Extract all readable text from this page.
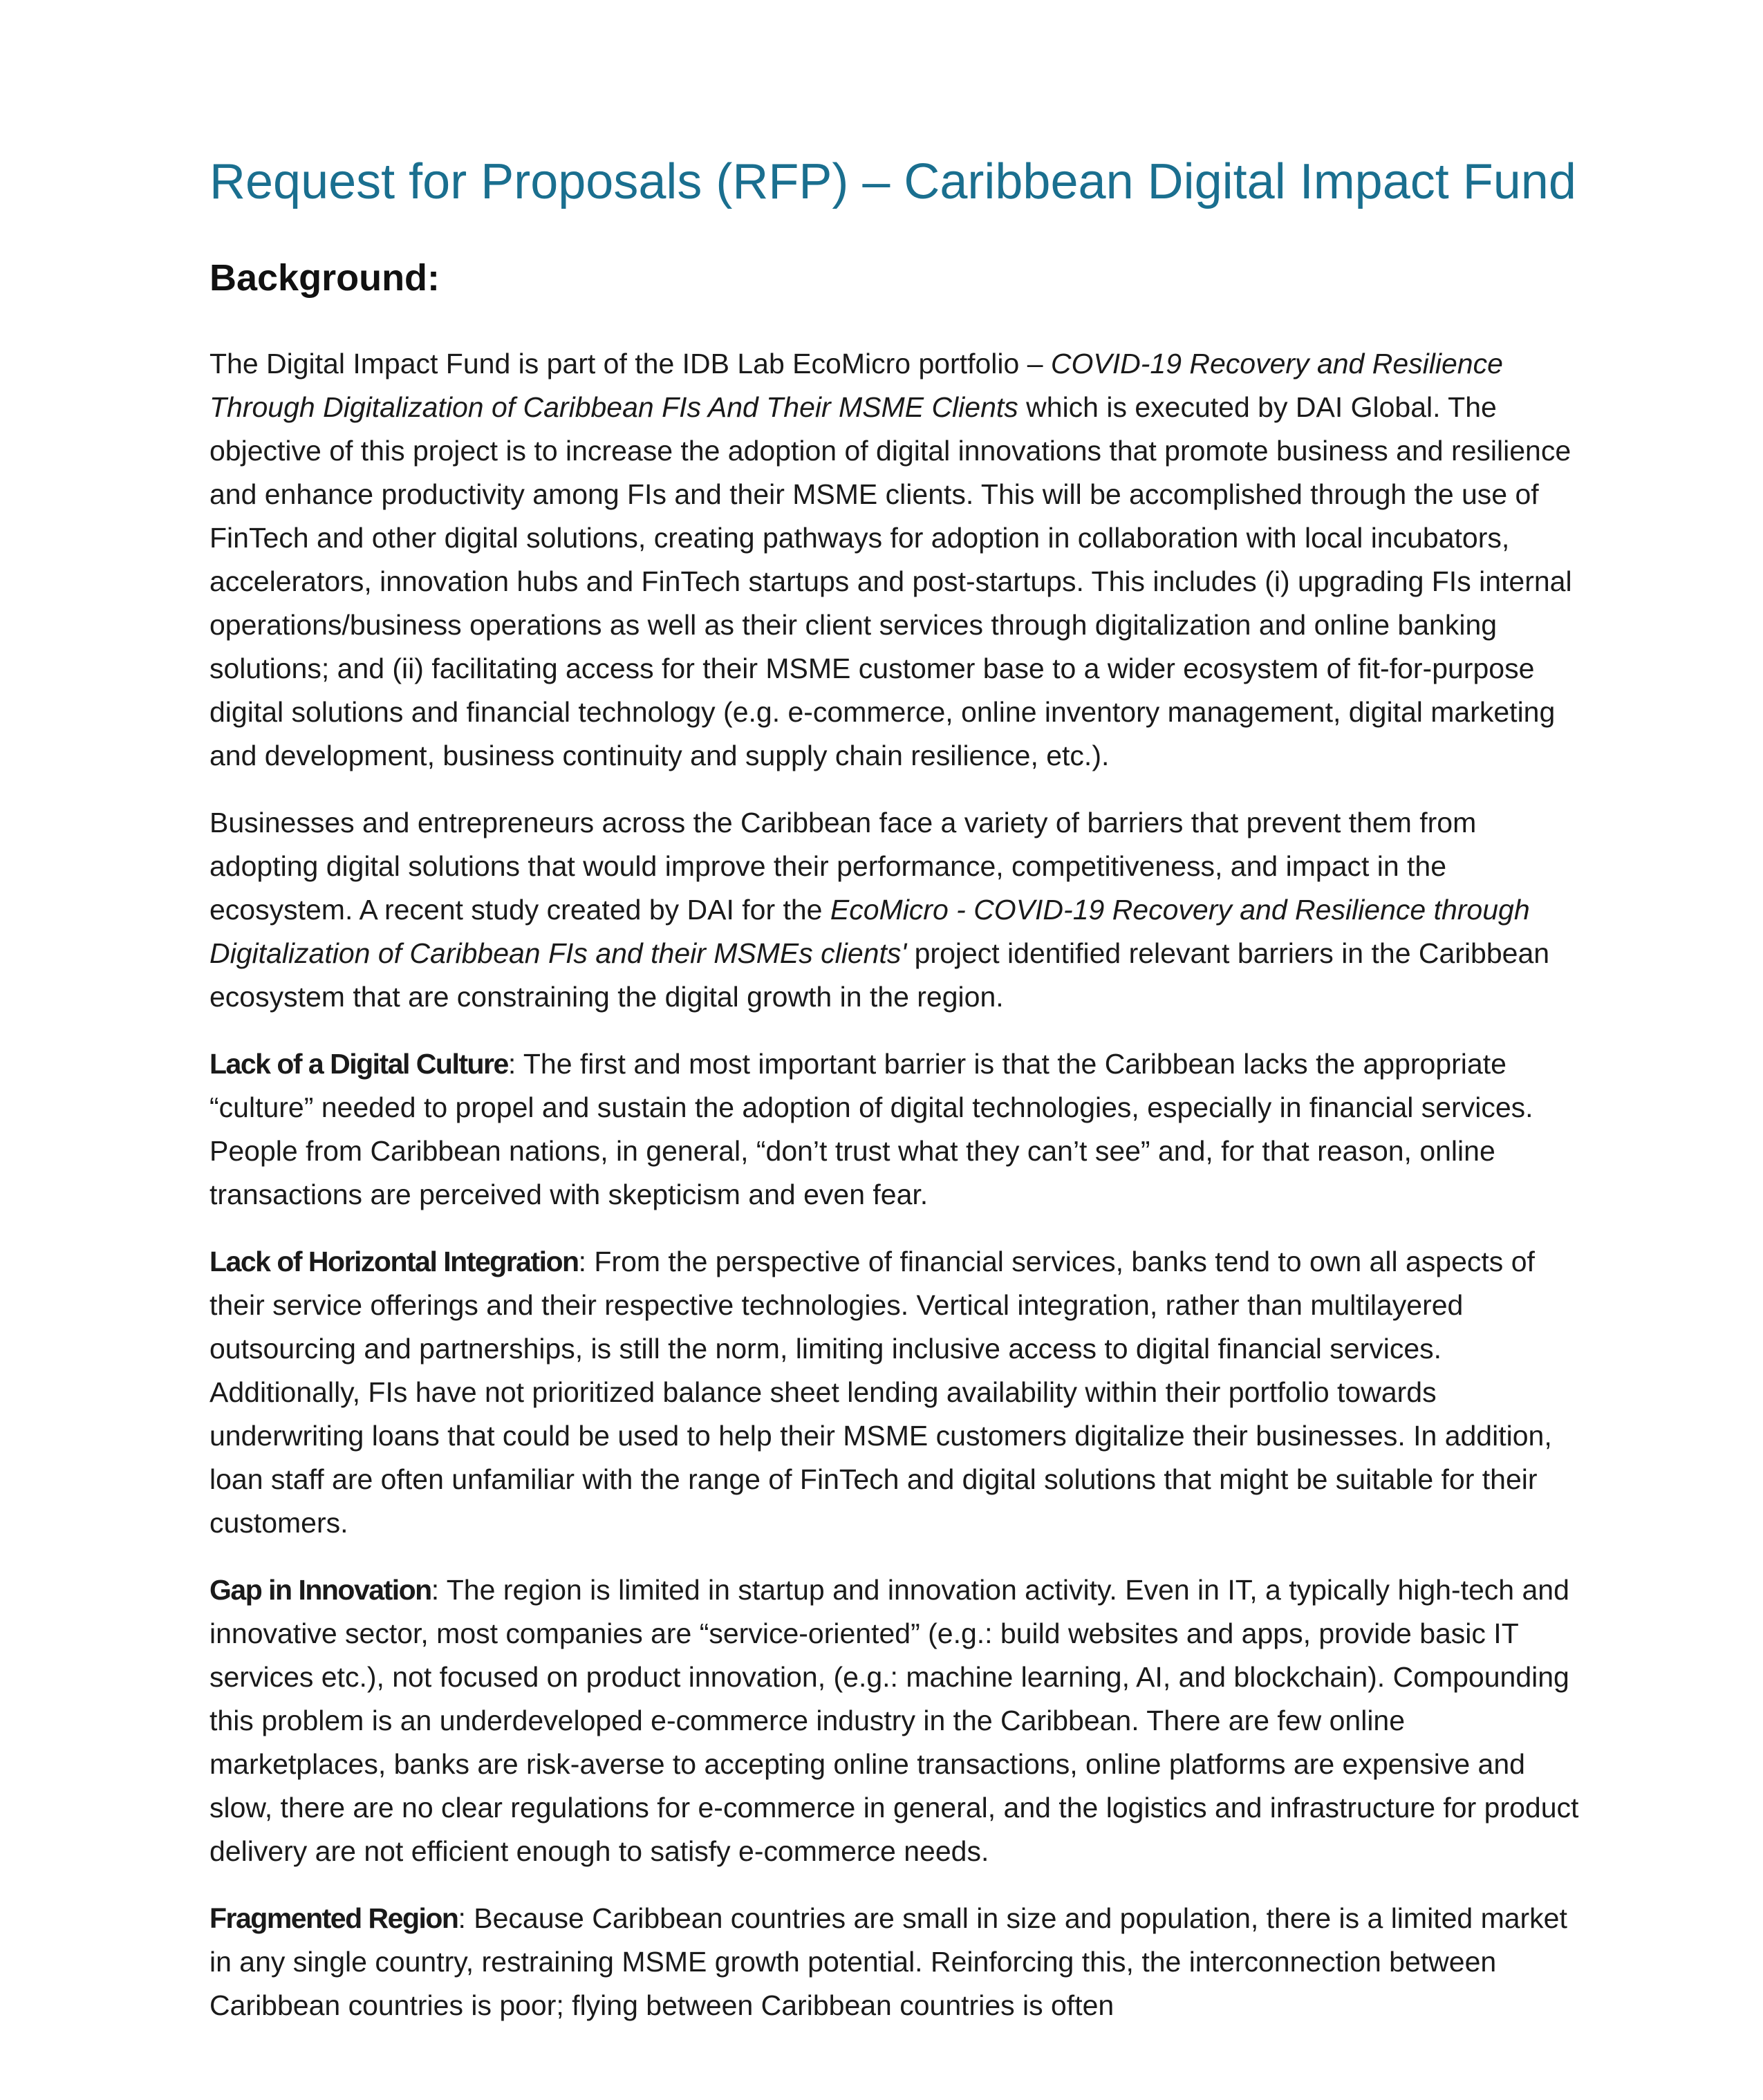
Request for Proposals (RFP) – Caribbean Digital Impact Fund
Background:

The Digital Impact Fund is part of the IDB Lab EcoMicro portfolio – COVID-19 Recovery and Resilience Through Digitalization of Caribbean FIs And Their MSME Clients which is executed by DAI Global. The objective of this project is to increase the adoption of digital innovations that promote business and resilience and enhance productivity among FIs and their MSME clients. This will be accomplished through the use of FinTech and other digital solutions, creating pathways for adoption in collaboration with local incubators, accelerators, innovation hubs and FinTech startups and post-startups. This includes (i) upgrading FIs internal operations/business operations as well as their client services through digitalization and online banking solutions; and (ii) facilitating access for their MSME customer base to a wider ecosystem of fit-for-purpose digital solutions and financial technology (e.g. e-commerce, online inventory management, digital marketing and development, business continuity and supply chain resilience, etc.).

Businesses and entrepreneurs across the Caribbean face a variety of barriers that prevent them from adopting digital solutions that would improve their performance, competitiveness, and impact in the ecosystem. A recent study created by DAI for the EcoMicro - COVID-19 Recovery and Resilience through Digitalization of Caribbean FIs and their MSMEs clients' project identified relevant barriers in the Caribbean ecosystem that are constraining the digital growth in the region.

Lack of a Digital Culture: The first and most important barrier is that the Caribbean lacks the appropriate “culture” needed to propel and sustain the adoption of digital technologies, especially in financial services. People from Caribbean nations, in general, “don’t trust what they can’t see” and, for that reason, online transactions are perceived with skepticism and even fear.

Lack of Horizontal Integration: From the perspective of financial services, banks tend to own all aspects of their service offerings and their respective technologies. Vertical integration, rather than multilayered outsourcing and partnerships, is still the norm, limiting inclusive access to digital financial services. Additionally, FIs have not prioritized balance sheet lending availability within their portfolio towards underwriting loans that could be used to help their MSME customers digitalize their businesses. In addition, loan staff are often unfamiliar with the range of FinTech and digital solutions that might be suitable for their customers.

Gap in Innovation: The region is limited in startup and innovation activity. Even in IT, a typically high-tech and innovative sector, most companies are “service-oriented” (e.g.: build websites and apps, provide basic IT services etc.), not focused on product innovation, (e.g.: machine learning, AI, and blockchain). Compounding this problem is an underdeveloped e-commerce industry in the Caribbean. There are few online marketplaces, banks are risk-averse to accepting online transactions, online platforms are expensive and slow, there are no clear regulations for e-commerce in general, and the logistics and infrastructure for product delivery are not efficient enough to satisfy e-commerce needs.

Fragmented Region: Because Caribbean countries are small in size and population, there is a limited market in any single country, restraining MSME growth potential. Reinforcing this, the interconnection between Caribbean countries is poor; flying between Caribbean countries is often
